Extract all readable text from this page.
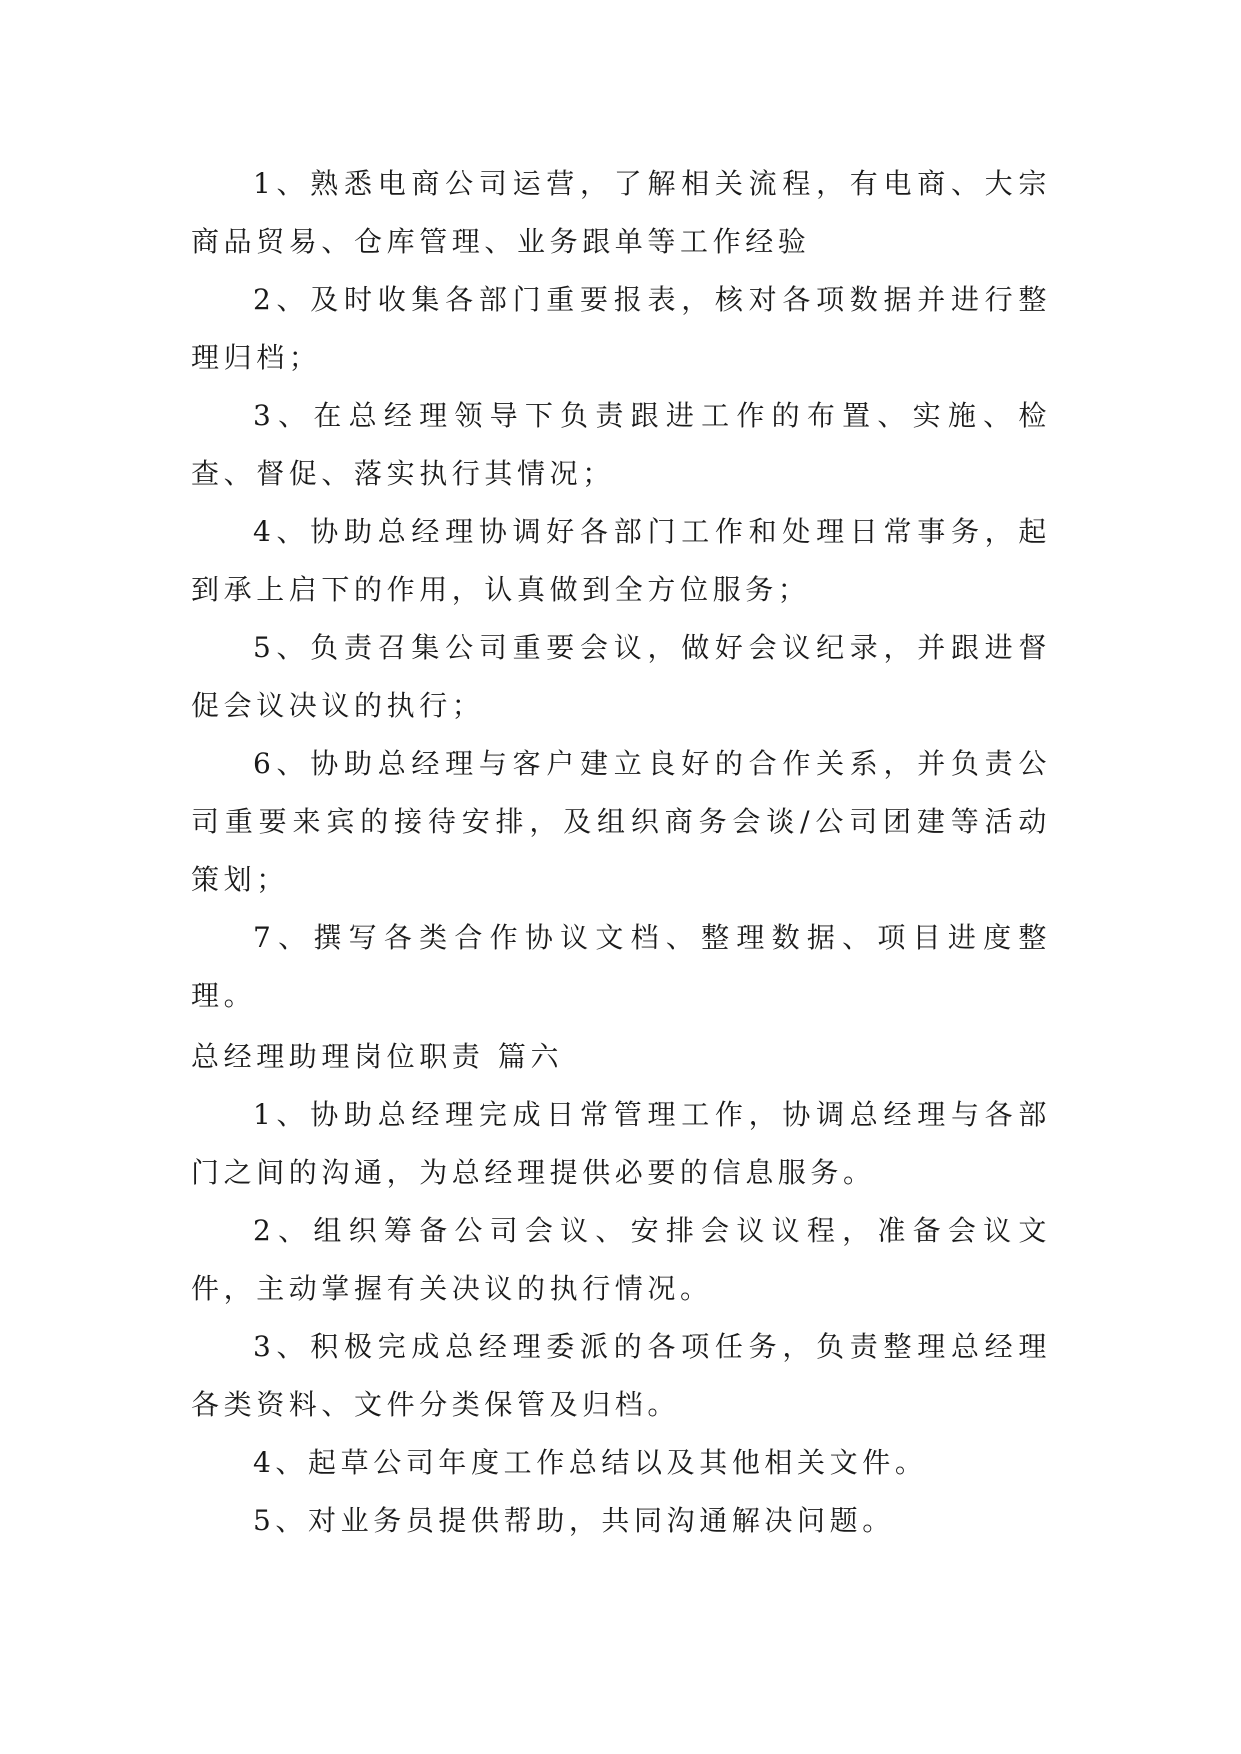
1、熟悉电商公司运营，了解相关流程，有电商、大宗商品贸易、仓库管理、业务跟单等工作经验

2、及时收集各部门重要报表，核对各项数据并进行整理归档；

3、在总经理领导下负责跟进工作的布置、实施、检查、督促、落实执行其情况；

4、协助总经理协调好各部门工作和处理日常事务，起到承上启下的作用，认真做到全方位服务；

5、负责召集公司重要会议，做好会议纪录，并跟进督促会议决议的执行；

6、协助总经理与客户建立良好的合作关系，并负责公司重要来宾的接待安排，及组织商务会谈/公司团建等活动策划；

7、撰写各类合作协议文档、整理数据、项目进度整理。

总经理助理岗位职责 篇六

1、协助总经理完成日常管理工作，协调总经理与各部门之间的沟通，为总经理提供必要的信息服务。

2、组织筹备公司会议、安排会议议程，准备会议文件，主动掌握有关决议的执行情况。

3、积极完成总经理委派的各项任务，负责整理总经理各类资料、文件分类保管及归档。

4、起草公司年度工作总结以及其他相关文件。

5、对业务员提供帮助，共同沟通解决问题。
